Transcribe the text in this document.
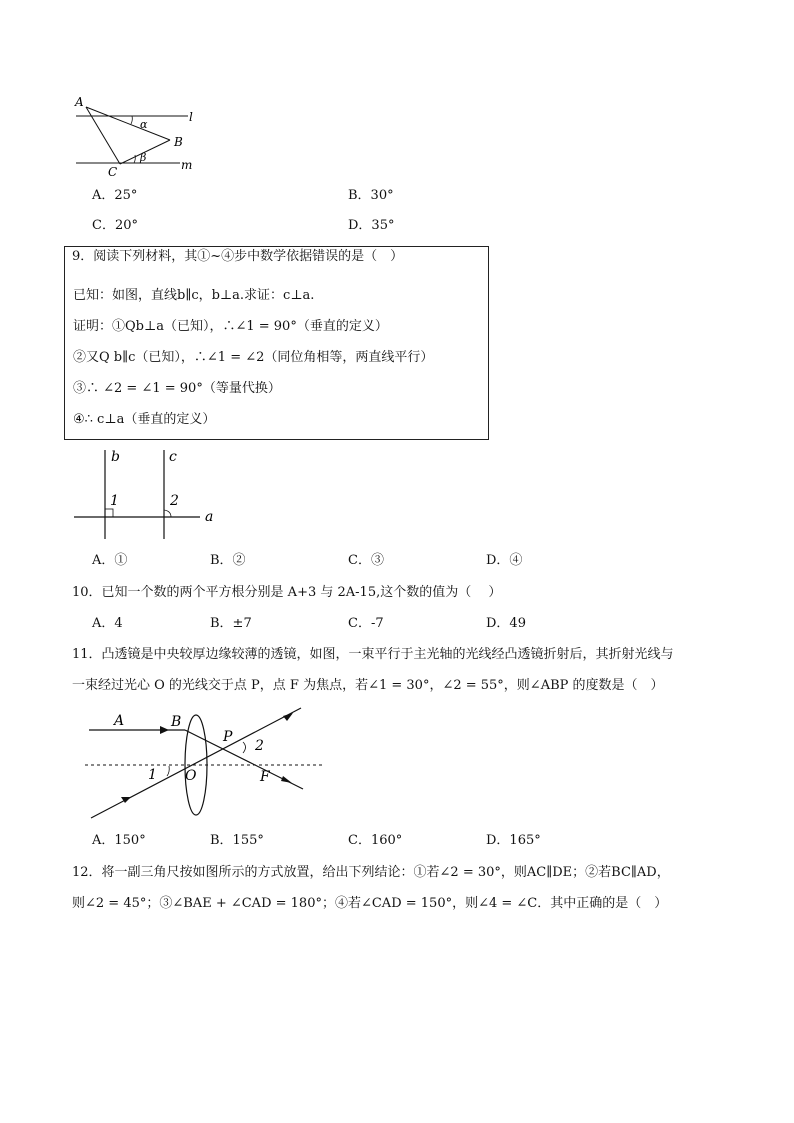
A
B
C
α
β
l
m
A．25°	B．30°
C．20°	D．35°
9．阅读下列材料，其①~④步中数学依据错误的是（　）
已知：如图，直线b∥c，b⊥a.求证：c⊥a.
证明：①Qb⊥a（已知），∴∠1 = 90°（垂直的定义）
②又Q b∥c（已知），∴∠1 = ∠2（同位角相等，两直线平行）
③∴ ∠2 = ∠1 = 90°（等量代换）
④∴ c⊥a（垂直的定义）
b	c
a
1	2
A．①	B．②	C．③	D．④
10．已知一个数的两个平方根分别是 A+3 与 2A-15,这个数的值为（　 ）
A．4	B．±7	C．-7	D．49
11．凸透镜是中央较厚边缘较薄的透镜，如图，一束平行于主光轴的光线经凸透镜折射后，其折射光线与
一束经过光心 O 的光线交于点 P，点 F 为焦点，若∠1 = 30°，∠2 = 55°，则∠ABP 的度数是（　）
A	B
P
O	F
1
2
A．150°	B．155°	C．160°	D．165°
12．将一副三角尺按如图所示的方式放置，给出下列结论：①若∠2 = 30°，则AC∥DE；②若BC∥AD，
则∠2 = 45°；③∠BAE + ∠CAD = 180°；④若∠CAD = 150°，则∠4 = ∠C．其中正确的是（　）
